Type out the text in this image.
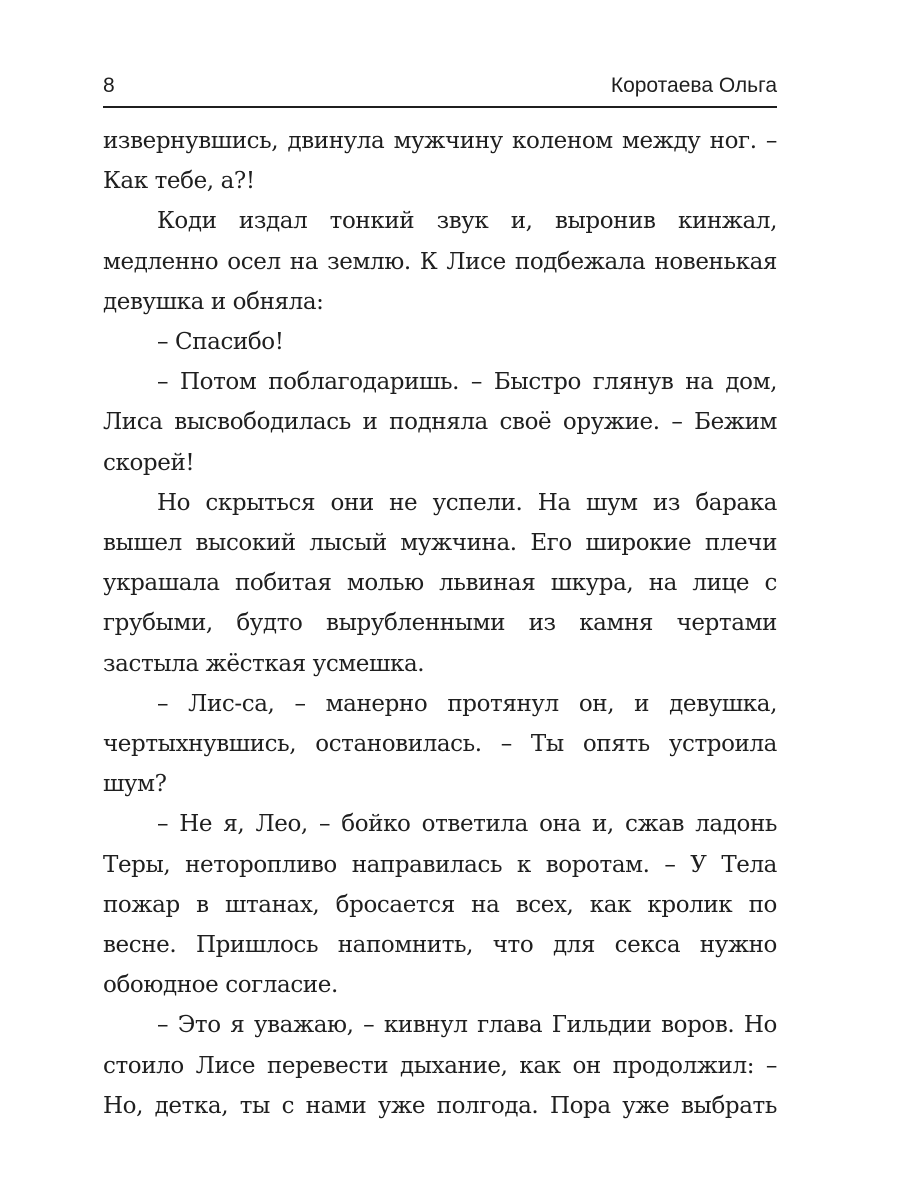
8	Коротаева Ольга

извернувшись, двинула мужчину коленом между ног. – Как тебе, а?!

Коди издал тонкий звук и, выронив кинжал, медленно осел на землю. К Лисе подбежала новенькая девушка и обняла:

– Спасибо!

– Потом поблагодаришь. – Быстро глянув на дом, Лиса высвободилась и подняла своё оружие. – Бежим скорей!

Но скрыться они не успели. На шум из барака вышел высокий лысый мужчина. Его широкие плечи украшала побитая молью львиная шкура, на лице с грубыми, будто вырубленными из камня чертами застыла жёсткая усмешка.

– Лис-са, – манерно протянул он, и девушка, чертыхнувшись, остановилась. – Ты опять устроила шум?

– Не я, Лео, – бойко ответила она и, сжав ладонь Теры, неторопливо направилась к воротам. – У Тела пожар в штанах, бросается на всех, как кролик по весне. Пришлось напомнить, что для секса нужно обоюдное согласие.

– Это я уважаю, – кивнул глава Гильдии воров. Но стоило Лисе перевести дыхание, как он продолжил: – Но, детка, ты с нами уже полгода. Пора уже выбрать
